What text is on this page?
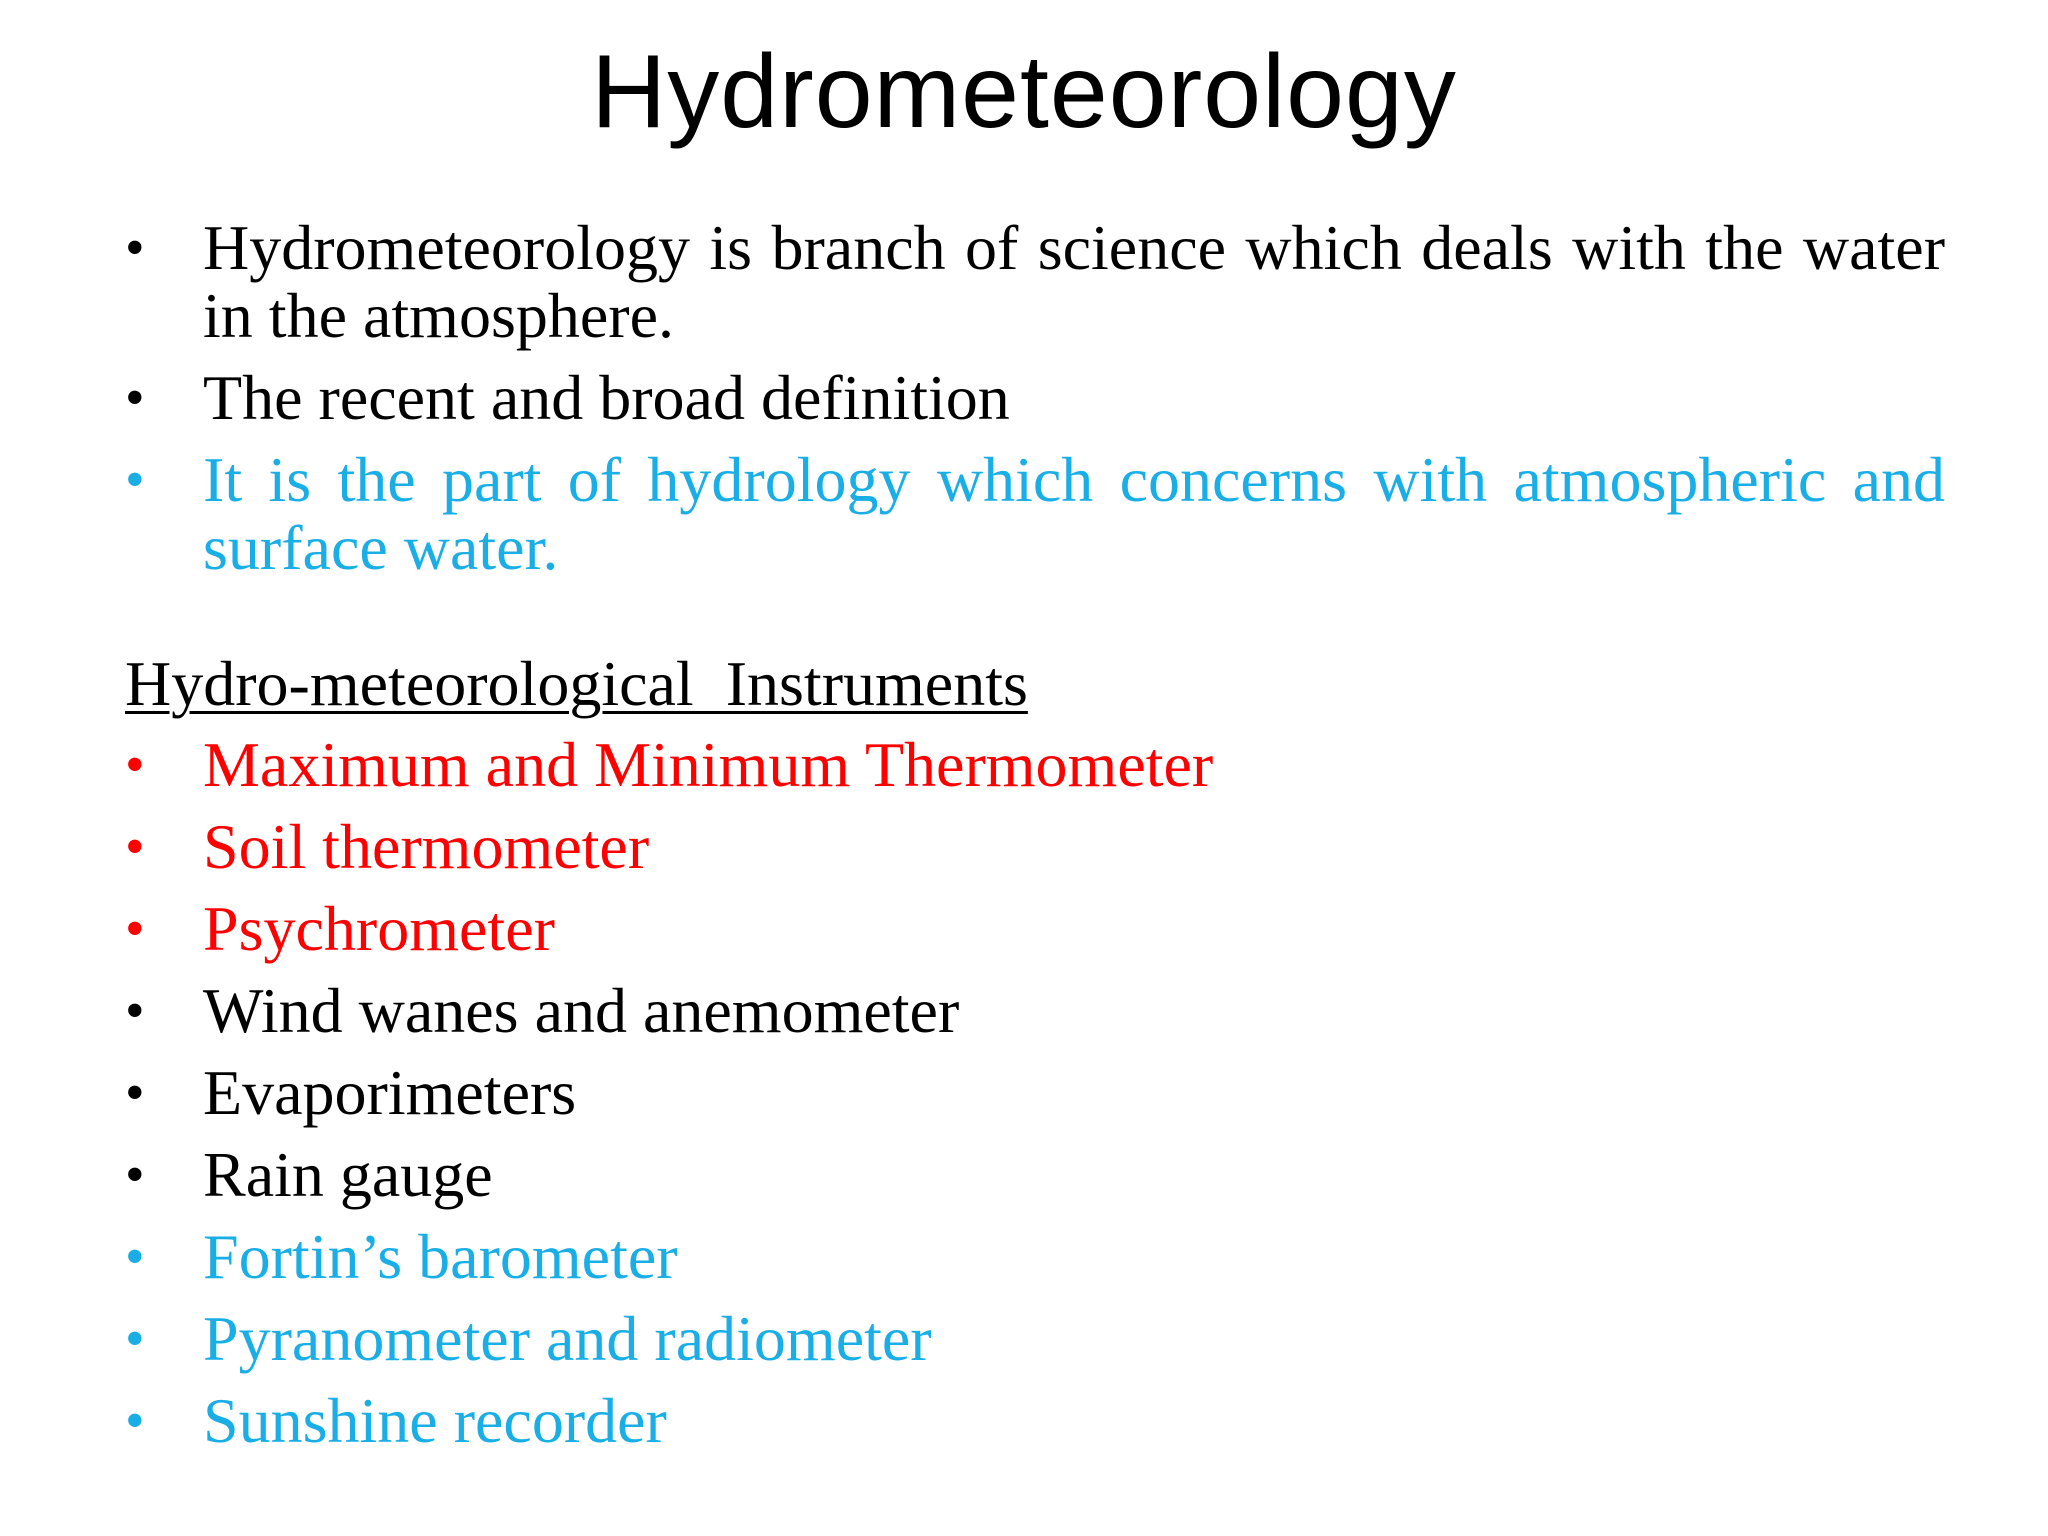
Hydrometeorology
• Hydrometeorology is branch of science which deals with the water in the atmosphere.
• The recent and broad definition
• It is the part of hydrology which concerns with atmospheric and surface water.
Hydro-meteorological  Instruments
• Maximum and Minimum Thermometer
• Soil thermometer
• Psychrometer
• Wind wanes and anemometer
• Evaporimeters
• Rain gauge
• Fortin’s barometer
• Pyranometer and radiometer
• Sunshine recorder
